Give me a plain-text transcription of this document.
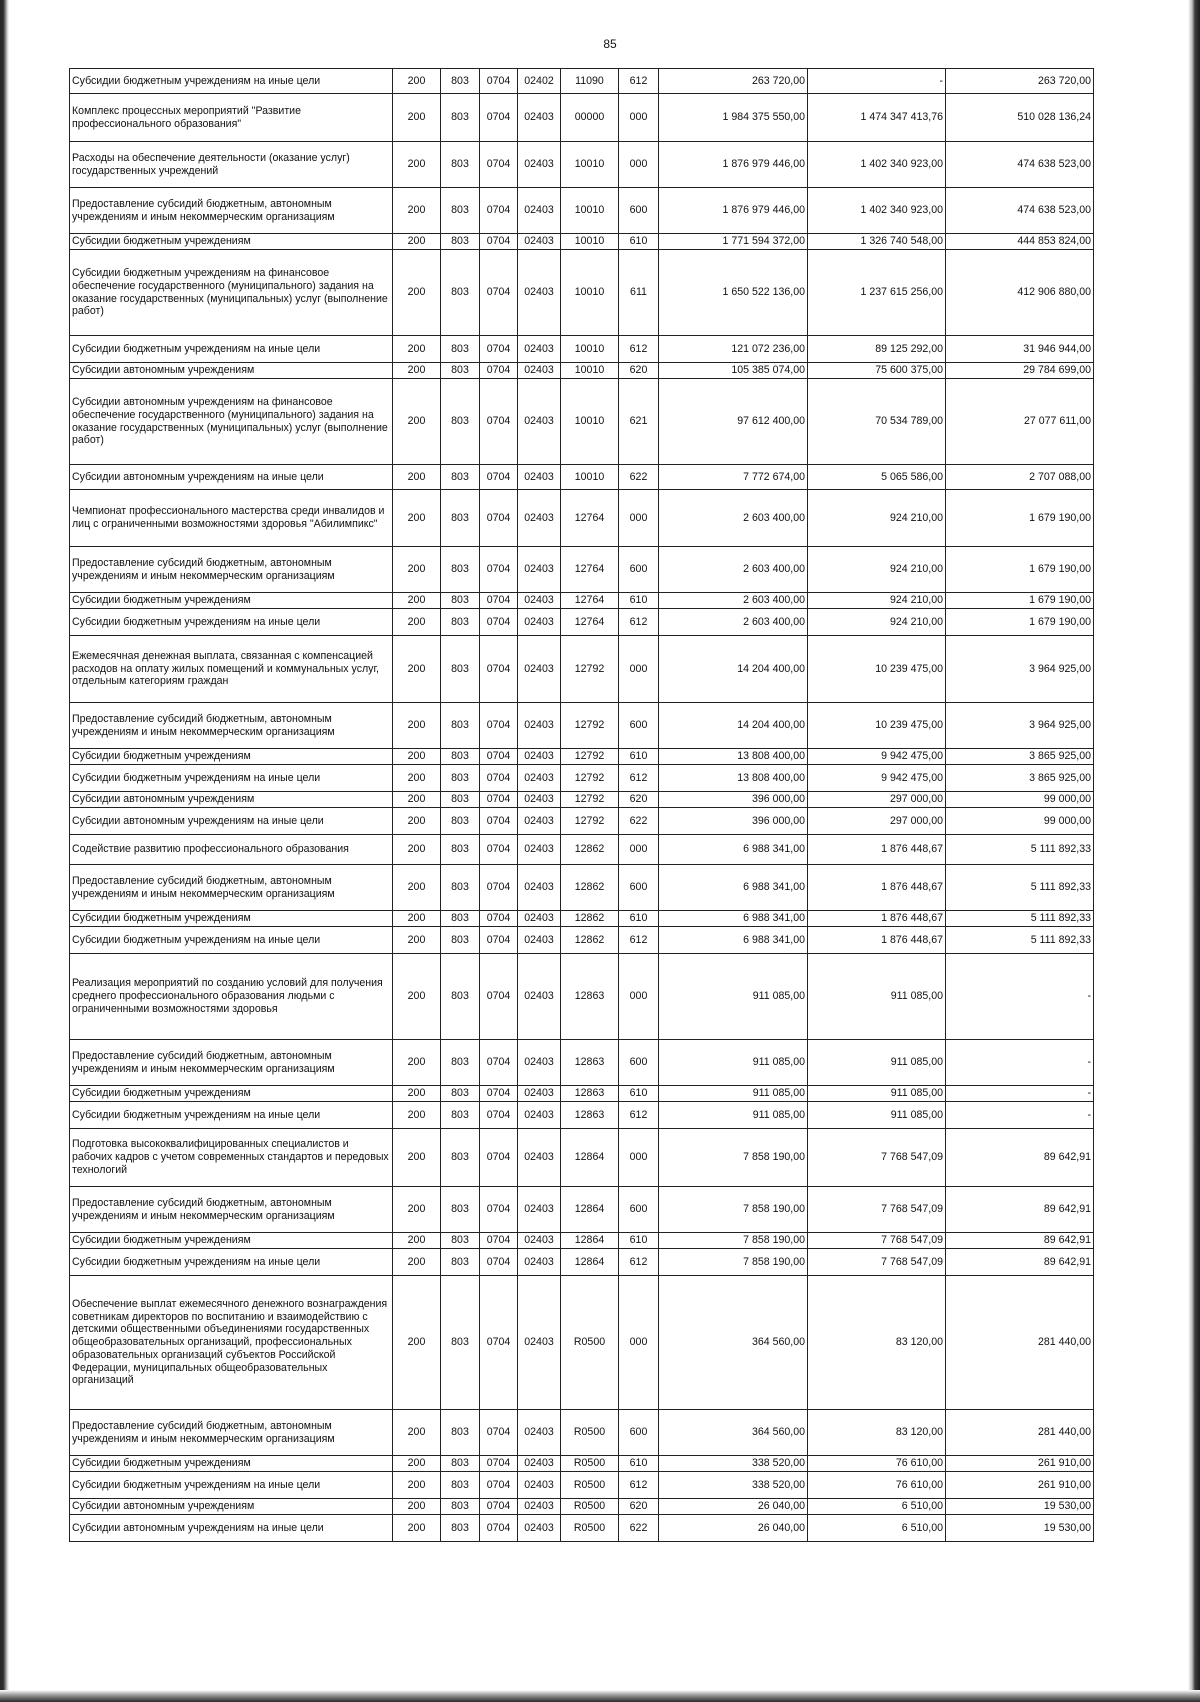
85
Субсидии бюджетным учреждениям на иные цели	200	803	0704	02402	11090	612	263 720,00	-	263 720,00
Комплекс процессных мероприятий "Развитие профессионального образования"	200	803	0704	02403	00000	000	1 984 375 550,00	1 474 347 413,76	510 028 136,24
Расходы на обеспечение деятельности (оказание услуг) государственных учреждений	200	803	0704	02403	10010	000	1 876 979 446,00	1 402 340 923,00	474 638 523,00
Предоставление субсидий бюджетным, автономным учреждениям и иным некоммерческим организациям	200	803	0704	02403	10010	600	1 876 979 446,00	1 402 340 923,00	474 638 523,00
Субсидии бюджетным учреждениям	200	803	0704	02403	10010	610	1 771 594 372,00	1 326 740 548,00	444 853 824,00
Субсидии бюджетным учреждениям на финансовое обеспечение государственного (муниципального) задания на оказание государственных (муниципальных) услуг (выполнение работ)	200	803	0704	02403	10010	611	1 650 522 136,00	1 237 615 256,00	412 906 880,00
Субсидии бюджетным учреждениям на иные цели	200	803	0704	02403	10010	612	121 072 236,00	89 125 292,00	31 946 944,00
Субсидии автономным учреждениям	200	803	0704	02403	10010	620	105 385 074,00	75 600 375,00	29 784 699,00
Субсидии автономным учреждениям на финансовое обеспечение государственного (муниципального) задания на оказание государственных (муниципальных) услуг (выполнение работ)	200	803	0704	02403	10010	621	97 612 400,00	70 534 789,00	27 077 611,00
Субсидии автономным учреждениям на иные цели	200	803	0704	02403	10010	622	7 772 674,00	5 065 586,00	2 707 088,00
Чемпионат профессионального мастерства среди инвалидов и лиц с ограниченными возможностями здоровья "Абилимпикс"	200	803	0704	02403	12764	000	2 603 400,00	924 210,00	1 679 190,00
Предоставление субсидий бюджетным, автономным учреждениям и иным некоммерческим организациям	200	803	0704	02403	12764	600	2 603 400,00	924 210,00	1 679 190,00
Субсидии бюджетным учреждениям	200	803	0704	02403	12764	610	2 603 400,00	924 210,00	1 679 190,00
Субсидии бюджетным учреждениям на иные цели	200	803	0704	02403	12764	612	2 603 400,00	924 210,00	1 679 190,00
Ежемесячная денежная выплата, связанная с компенсацией расходов на оплату жилых помещений и коммунальных услуг, отдельным категориям граждан	200	803	0704	02403	12792	000	14 204 400,00	10 239 475,00	3 964 925,00
Предоставление субсидий бюджетным, автономным учреждениям и иным некоммерческим организациям	200	803	0704	02403	12792	600	14 204 400,00	10 239 475,00	3 964 925,00
Субсидии бюджетным учреждениям	200	803	0704	02403	12792	610	13 808 400,00	9 942 475,00	3 865 925,00
Субсидии бюджетным учреждениям на иные цели	200	803	0704	02403	12792	612	13 808 400,00	9 942 475,00	3 865 925,00
Субсидии автономным учреждениям	200	803	0704	02403	12792	620	396 000,00	297 000,00	99 000,00
Субсидии автономным учреждениям на иные цели	200	803	0704	02403	12792	622	396 000,00	297 000,00	99 000,00
Содействие развитию профессионального образования	200	803	0704	02403	12862	000	6 988 341,00	1 876 448,67	5 111 892,33
Предоставление субсидий бюджетным, автономным учреждениям и иным некоммерческим организациям	200	803	0704	02403	12862	600	6 988 341,00	1 876 448,67	5 111 892,33
Субсидии бюджетным учреждениям	200	803	0704	02403	12862	610	6 988 341,00	1 876 448,67	5 111 892,33
Субсидии бюджетным учреждениям на иные цели	200	803	0704	02403	12862	612	6 988 341,00	1 876 448,67	5 111 892,33
Реализация мероприятий по созданию условий для получения среднего профессионального образования людьми с ограниченными возможностями здоровья	200	803	0704	02403	12863	000	911 085,00	911 085,00	-
Предоставление субсидий бюджетным, автономным учреждениям и иным некоммерческим организациям	200	803	0704	02403	12863	600	911 085,00	911 085,00	-
Субсидии бюджетным учреждениям	200	803	0704	02403	12863	610	911 085,00	911 085,00	-
Субсидии бюджетным учреждениям на иные цели	200	803	0704	02403	12863	612	911 085,00	911 085,00	-
Подготовка высококвалифицированных специалистов и рабочих кадров с учетом современных стандартов и передовых технологий	200	803	0704	02403	12864	000	7 858 190,00	7 768 547,09	89 642,91
Предоставление субсидий бюджетным, автономным учреждениям и иным некоммерческим организациям	200	803	0704	02403	12864	600	7 858 190,00	7 768 547,09	89 642,91
Субсидии бюджетным учреждениям	200	803	0704	02403	12864	610	7 858 190,00	7 768 547,09	89 642,91
Субсидии бюджетным учреждениям на иные цели	200	803	0704	02403	12864	612	7 858 190,00	7 768 547,09	89 642,91
Обеспечение выплат ежемесячного денежного вознаграждения советникам директоров по воспитанию и взаимодействию с детскими общественными объединениями государственных общеобразовательных организаций, профессиональных образовательных организаций субъектов Российской Федерации, муниципальных общеобразовательных организаций	200	803	0704	02403	R0500	000	364 560,00	83 120,00	281 440,00
Предоставление субсидий бюджетным, автономным учреждениям и иным некоммерческим организациям	200	803	0704	02403	R0500	600	364 560,00	83 120,00	281 440,00
Субсидии бюджетным учреждениям	200	803	0704	02403	R0500	610	338 520,00	76 610,00	261 910,00
Субсидии бюджетным учреждениям на иные цели	200	803	0704	02403	R0500	612	338 520,00	76 610,00	261 910,00
Субсидии автономным учреждениям	200	803	0704	02403	R0500	620	26 040,00	6 510,00	19 530,00
Субсидии автономным учреждениям на иные цели	200	803	0704	02403	R0500	622	26 040,00	6 510,00	19 530,00
